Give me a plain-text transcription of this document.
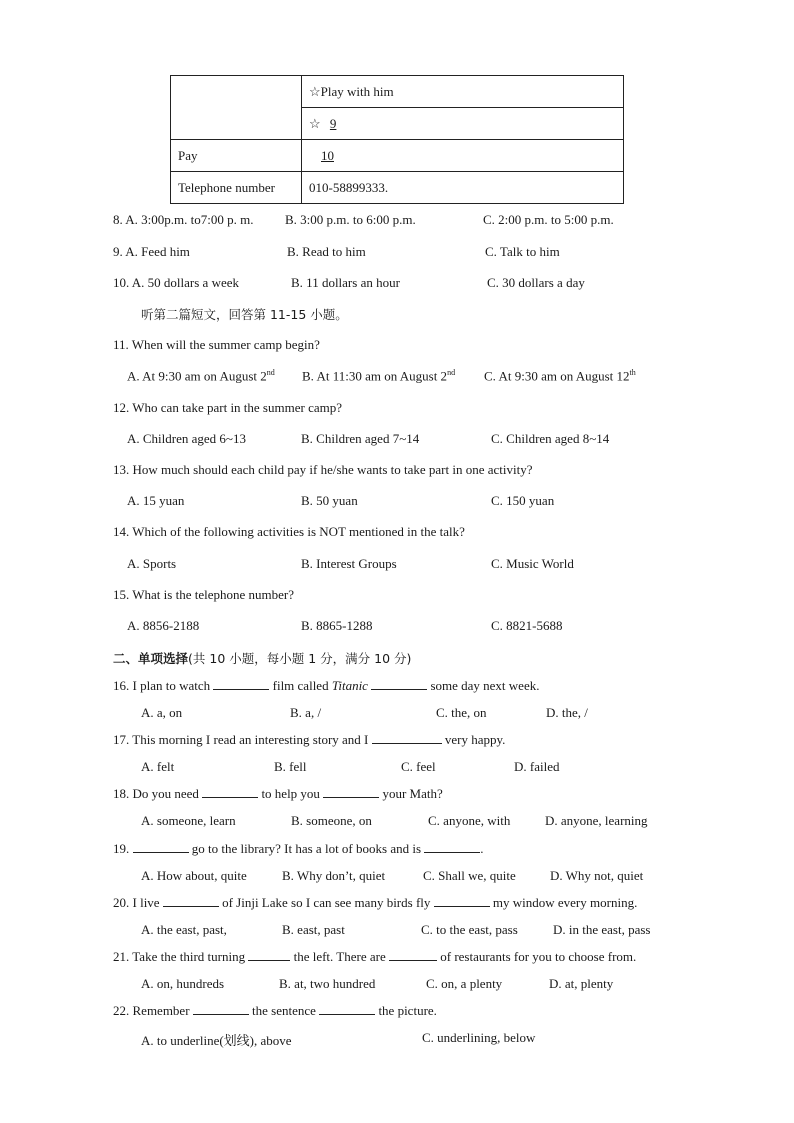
	☆Play with him
	☆ 9
Pay	10
Telephone number	010-58899333.
8. A. 3:00p.m. to7:00 p. m. B. 3:00 p.m. to 6:00 p.m.	C. 2:00 p.m. to 5:00 p.m.
9. A. Feed him	B. Read to him	C. Talk to him
10. A. 50 dollars a week	B. 11 dollars an hour	C. 30 dollars a day
听第二篇短文，回答第 11-15 小题。
11. When will the summer camp begin?
A. At 9:30 am on August 2nd B. At 11:30 am on August 2nd C. At 9:30 am on August 12th
12. Who can take part in the summer camp?
A. Children aged 6~13	B. Children aged 7~14	C. Children aged 8~14
13. How much should each child pay if he/she wants to take part in one activity?
A. 15 yuan	B. 50 yuan	C. 150 yuan
14. Which of the following activities is NOT mentioned in the talk?
A. Sports	B. Interest Groups	C. Music World
15. What is the telephone number?
A. 8856-2188	B. 8865-1288	C. 8821-5688
二、单项选择(共 10 小题，每小题 1 分，满分 10 分)
16. I plan to watch	film called Titanic	some day next week.
A. a, on	B. a, /	C. the, on	D. the, /
17. This morning I read an interesting story and I	very happy.
A. felt	B. fell	C. feel	D. failed
18. Do you need	to help you	your Math?
A. someone, learn	B. someone, on	C. anyone, with	D. anyone, learning
19.	go to the library? It has a lot of books and is	.
A. How about, quite	B. Why don’t, quiet	C. Shall we, quite	D. Why not, quiet
20. I live	of Jinji Lake so I can see many birds fly	my window every morning.
A. the east, past,	B. east, past	C. to the east, pass	D. in the east, pass
21. Take the third turning	the left. There are	of restaurants for you to choose from.
A. on, hundreds	B. at, two hundred	C. on, a plenty	D. at, plenty
22. Remember	the sentence	the picture.
A. to underline(划线), above	C. underlining, below
